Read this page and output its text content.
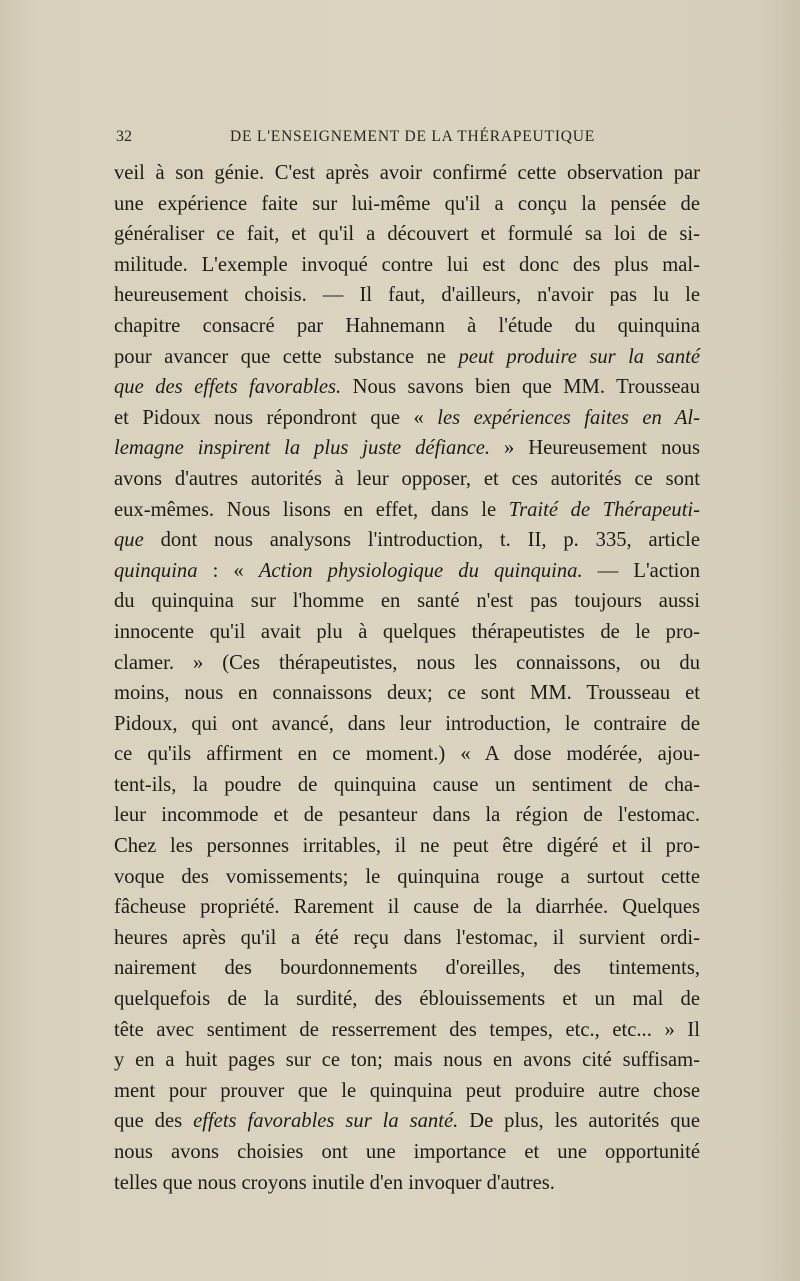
32	DE L'ENSEIGNEMENT DE LA THÉRAPEUTIQUE
veil à son génie. C'est après avoir confirmé cette observation par
une expérience faite sur lui-même qu'il a conçu la pensée de
généraliser ce fait, et qu'il a découvert et formulé sa loi de si-
militude. L'exemple invoqué contre lui est donc des plus mal-
heureusement choisis. — Il faut, d'ailleurs, n'avoir pas lu le
chapitre consacré par Hahnemann à l'étude du quinquina
pour avancer que cette substance ne peut produire sur la santé
que des effets favorables. Nous savons bien que MM. Trousseau
et Pidoux nous répondront que « les expériences faites en Al-
lemagne inspirent la plus juste défiance. » Heureusement nous
avons d'autres autorités à leur opposer, et ces autorités ce sont
eux-mêmes. Nous lisons en effet, dans le Traité de Thérapeuti-
que dont nous analysons l'introduction, t. II, p. 335, article
quinquina : « Action physiologique du quinquina. — L'action
du quinquina sur l'homme en santé n'est pas toujours aussi
innocente qu'il avait plu à quelques thérapeutistes de le pro-
clamer. » (Ces thérapeutistes, nous les connaissons, ou du
moins, nous en connaissons deux; ce sont MM. Trousseau et
Pidoux, qui ont avancé, dans leur introduction, le contraire de
ce qu'ils affirment en ce moment.) « A dose modérée, ajou-
tent-ils, la poudre de quinquina cause un sentiment de cha-
leur incommode et de pesanteur dans la région de l'estomac.
Chez les personnes irritables, il ne peut être digéré et il pro-
voque des vomissements; le quinquina rouge a surtout cette
fâcheuse propriété. Rarement il cause de la diarrhée. Quelques
heures après qu'il a été reçu dans l'estomac, il survient ordi-
nairement des bourdonnements d'oreilles, des tintements,
quelquefois de la surdité, des éblouissements et un mal de
tête avec sentiment de resserrement des tempes, etc., etc... » Il
y en a huit pages sur ce ton; mais nous en avons cité suffisam-
ment pour prouver que le quinquina peut produire autre chose
que des effets favorables sur la santé. De plus, les autorités que
nous avons choisies ont une importance et une opportunité
telles que nous croyons inutile d'en invoquer d'autres.
